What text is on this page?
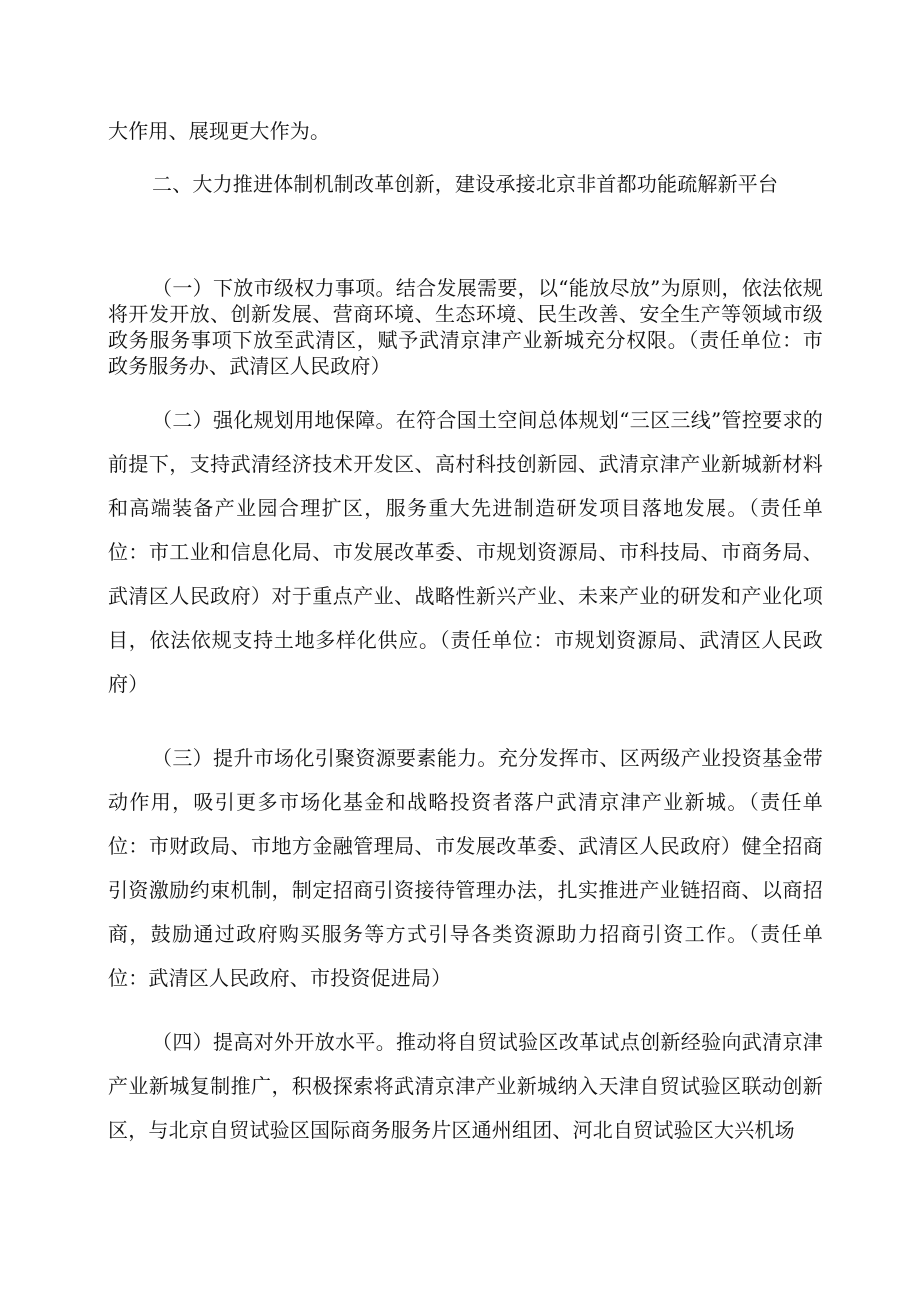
大作用、展现更大作为。

二、大力推进体制机制改革创新，建设承接北京非首都功能疏解新平台

（一）下放市级权力事项。结合发展需要，以“能放尽放”为原则，依法依规将开发开放、创新发展、营商环境、生态环境、民生改善、安全生产等领域市级政务服务事项下放至武清区，赋予武清京津产业新城充分权限。（责任单位：市政务服务办、武清区人民政府）

（二）强化规划用地保障。在符合国土空间总体规划“三区三线”管控要求的前提下，支持武清经济技术开发区、高村科技创新园、武清京津产业新城新材料和高端装备产业园合理扩区，服务重大先进制造研发项目落地发展。（责任单位：市工业和信息化局、市发展改革委、市规划资源局、市科技局、市商务局、武清区人民政府）对于重点产业、战略性新兴产业、未来产业的研发和产业化项目，依法依规支持土地多样化供应。（责任单位：市规划资源局、武清区人民政府）

（三）提升市场化引聚资源要素能力。充分发挥市、区两级产业投资基金带动作用，吸引更多市场化基金和战略投资者落户武清京津产业新城。（责任单位：市财政局、市地方金融管理局、市发展改革委、武清区人民政府）健全招商引资激励约束机制，制定招商引资接待管理办法，扎实推进产业链招商、以商招商，鼓励通过政府购买服务等方式引导各类资源助力招商引资工作。（责任单位：武清区人民政府、市投资促进局）

（四）提高对外开放水平。推动将自贸试验区改革试点创新经验向武清京津产业新城复制推广，积极探索将武清京津产业新城纳入天津自贸试验区联动创新区，与北京自贸试验区国际商务服务片区通州组团、河北自贸试验区大兴机场
